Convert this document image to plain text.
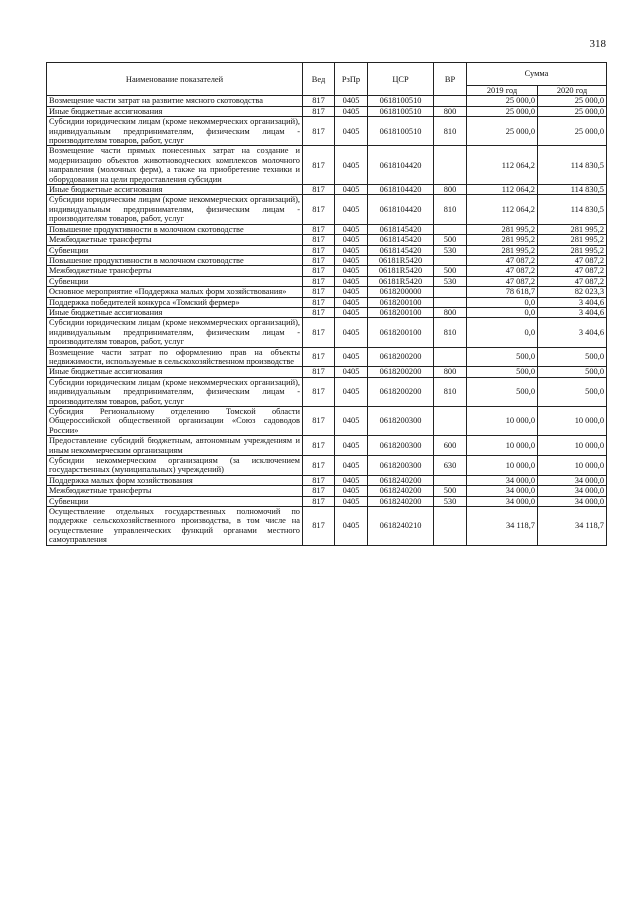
318
Наименование показателей	Вед	РзПр	ЦСР	ВР	Сумма	
					2019 год	2020 год
Возмещение части затрат на развитие мясного скотоводства	817	0405	0618100510		25 000,0	25 000,0
Иные бюджетные ассигнования	817	0405	0618100510	800	25 000,0	25 000,0
Субсидии юридическим лицам (кроме некоммерческих организаций), индивидуальным предпринимателям, физическим лицам - производителям товаров, работ, услуг	817	0405	0618100510	810	25 000,0	25 000,0
Возмещение части прямых понесенных затрат на создание и модернизацию объектов животноводческих комплексов молочного направления (молочных ферм), а также на приобретение техники и оборудования на цели предоставления субсидии	817	0405	0618104420		112 064,2	114 830,5
Иные бюджетные ассигнования	817	0405	0618104420	800	112 064,2	114 830,5
Субсидии юридическим лицам (кроме некоммерческих организаций), индивидуальным предпринимателям, физическим лицам - производителям товаров, работ, услуг	817	0405	0618104420	810	112 064,2	114 830,5
Повышение продуктивности в молочном скотоводстве	817	0405	0618145420		281 995,2	281 995,2
Межбюджетные трансферты	817	0405	0618145420	500	281 995,2	281 995,2
Субвенции	817	0405	0618145420	530	281 995,2	281 995,2
Повышение продуктивности в молочном скотоводстве	817	0405	06181R5420		47 087,2	47 087,2
Межбюджетные трансферты	817	0405	06181R5420	500	47 087,2	47 087,2
Субвенции	817	0405	06181R5420	530	47 087,2	47 087,2
Основное мероприятие «Поддержка малых форм хозяйствования»	817	0405	0618200000		78 618,7	82 023,3
Поддержка победителей конкурса «Томский фермер»	817	0405	0618200100		0,0	3 404,6
Иные бюджетные ассигнования	817	0405	0618200100	800	0,0	3 404,6
Субсидии юридическим лицам (кроме некоммерческих организаций), индивидуальным предпринимателям, физическим лицам - производителям товаров, работ, услуг	817	0405	0618200100	810	0,0	3 404,6
Возмещение части затрат по оформлению прав на объекты недвижимости, используемые в сельскохозяйственном производстве	817	0405	0618200200		500,0	500,0
Иные бюджетные ассигнования	817	0405	0618200200	800	500,0	500,0
Субсидии юридическим лицам (кроме некоммерческих организаций), индивидуальным предпринимателям, физическим лицам - производителям товаров, работ, услуг	817	0405	0618200200	810	500,0	500,0
Субсидия Региональному отделению Томской области Общероссийской общественной организации «Союз садоводов России»	817	0405	0618200300		10 000,0	10 000,0
Предоставление субсидий бюджетным, автономным учреждениям и иным некоммерческим организациям	817	0405	0618200300	600	10 000,0	10 000,0
Субсидии некоммерческим организациям (за исключением государственных (муниципальных) учреждений)	817	0405	0618200300	630	10 000,0	10 000,0
Поддержка малых форм хозяйствования	817	0405	0618240200		34 000,0	34 000,0
Межбюджетные трансферты	817	0405	0618240200	500	34 000,0	34 000,0
Субвенции	817	0405	0618240200	530	34 000,0	34 000,0
Осуществление отдельных государственных полномочий по поддержке сельскохозяйственного производства, в том числе на осуществление управленческих функций органами местного самоуправления	817	0405	0618240210		34 118,7	34 118,7
